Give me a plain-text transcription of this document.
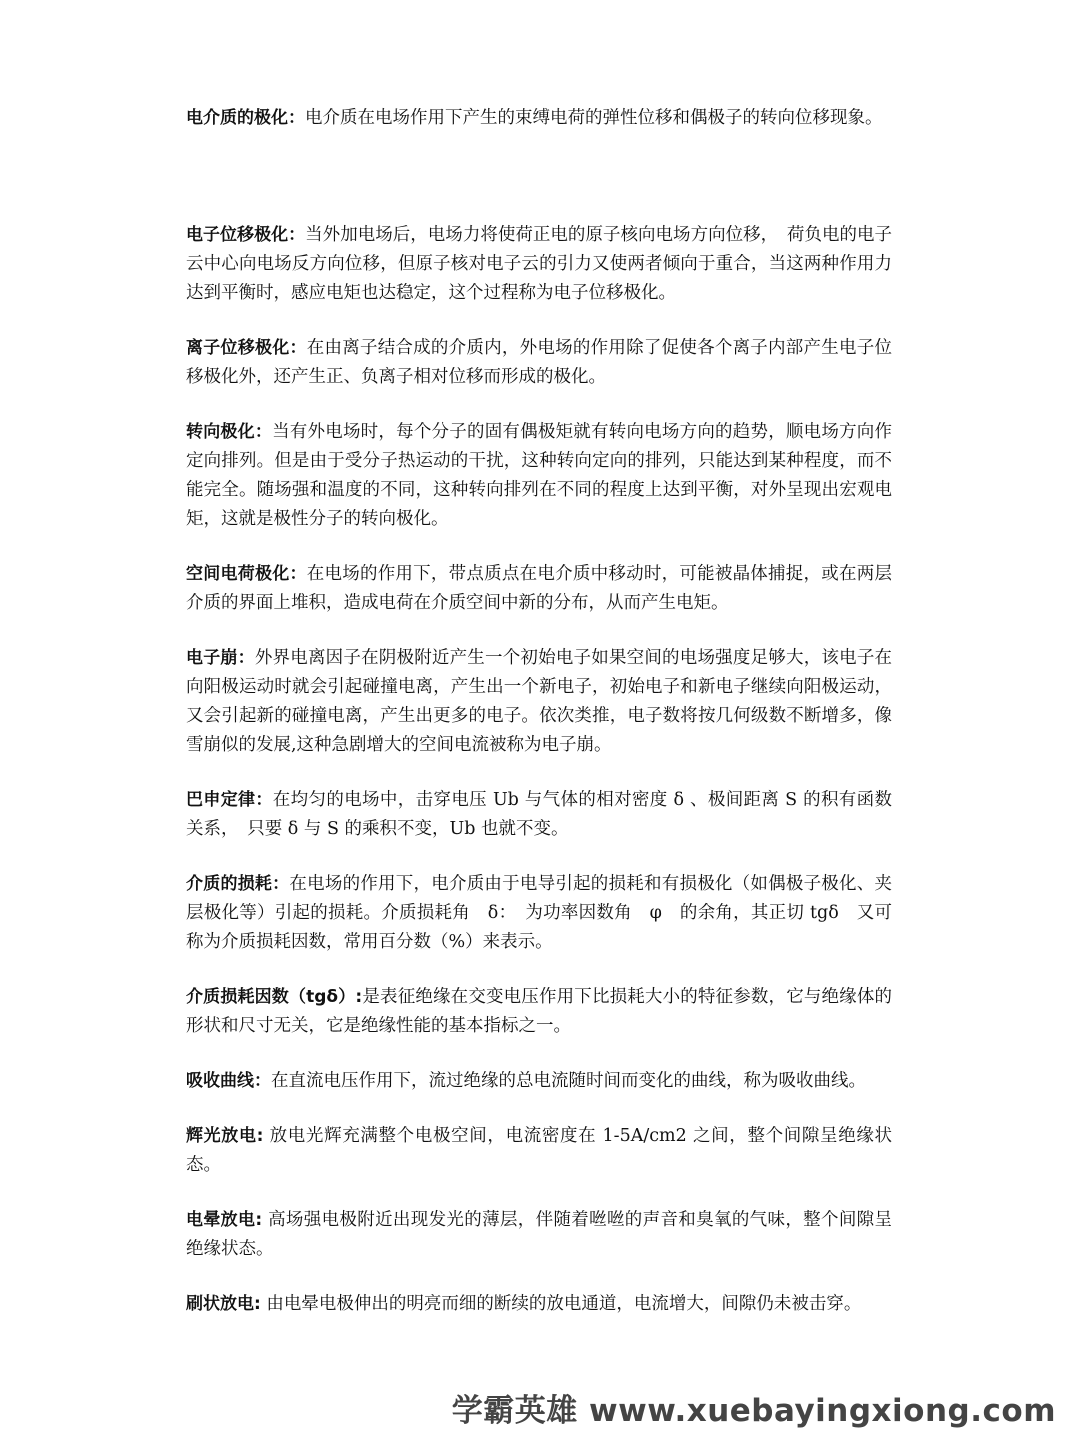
电介质的极化：电介质在电场作用下产生的束缚电荷的弹性位移和偶极子的转向位移现象。

电子位移极化：当外加电场后，电场力将使荷正电的原子核向电场方向位移，　荷负电的电子云中心向电场反方向位移，但原子核对电子云的引力又使两者倾向于重合，当这两种作用力达到平衡时，感应电矩也达稳定，这个过程称为电子位移极化。

离子位移极化：在由离子结合成的介质内，外电场的作用除了促使各个离子内部产生电子位移极化外，还产生正、负离子相对位移而形成的极化。

转向极化：当有外电场时，每个分子的固有偶极矩就有转向电场方向的趋势，顺电场方向作定向排列。但是由于受分子热运动的干扰，这种转向定向的排列，只能达到某种程度，而不能完全。随场强和温度的不同，这种转向排列在不同的程度上达到平衡，对外呈现出宏观电矩，这就是极性分子的转向极化。

空间电荷极化：在电场的作用下，带点质点在电介质中移动时，可能被晶体捕捉，或在两层介质的界面上堆积，造成电荷在介质空间中新的分布，从而产生电矩。

电子崩：外界电离因子在阴极附近产生一个初始电子如果空间的电场强度足够大，该电子在向阳极运动时就会引起碰撞电离，产生出一个新电子，初始电子和新电子继续向阳极运动，又会引起新的碰撞电离，产生出更多的电子。依次类推，电子数将按几何级数不断增多，像雪崩似的发展,这种急剧增大的空间电流被称为电子崩。

巴申定律：在均匀的电场中，击穿电压 Ub 与气体的相对密度 δ 、极间距离 S 的积有函数关系，　只要 δ 与 S 的乘积不变，Ub 也就不变。

介质的损耗：在电场的作用下，电介质由于电导引起的损耗和有损极化（如偶极子极化、夹层极化等）引起的损耗。介质损耗角　δ：　为功率因数角　φ　的余角，其正切 tgδ　又可称为介质损耗因数，常用百分数（%）来表示。

介质损耗因数（tgδ）:是表征绝缘在交变电压作用下比损耗大小的特征参数，它与绝缘体的形状和尺寸无关，它是绝缘性能的基本指标之一。

吸收曲线：在直流电压作用下，流过绝缘的总电流随时间而变化的曲线，称为吸收曲线。

辉光放电: 放电光辉充满整个电极空间，电流密度在 1-5A/cm2 之间，整个间隙呈绝缘状态。

电晕放电: 高场强电极附近出现发光的薄层，伴随着咝咝的声音和臭氧的气味，整个间隙呈绝缘状态。

刷状放电: 由电晕电极伸出的明亮而细的断续的放电通道，电流增大，间隙仍未被击穿。

学霸英雄 www.xuebayingxiong.com
